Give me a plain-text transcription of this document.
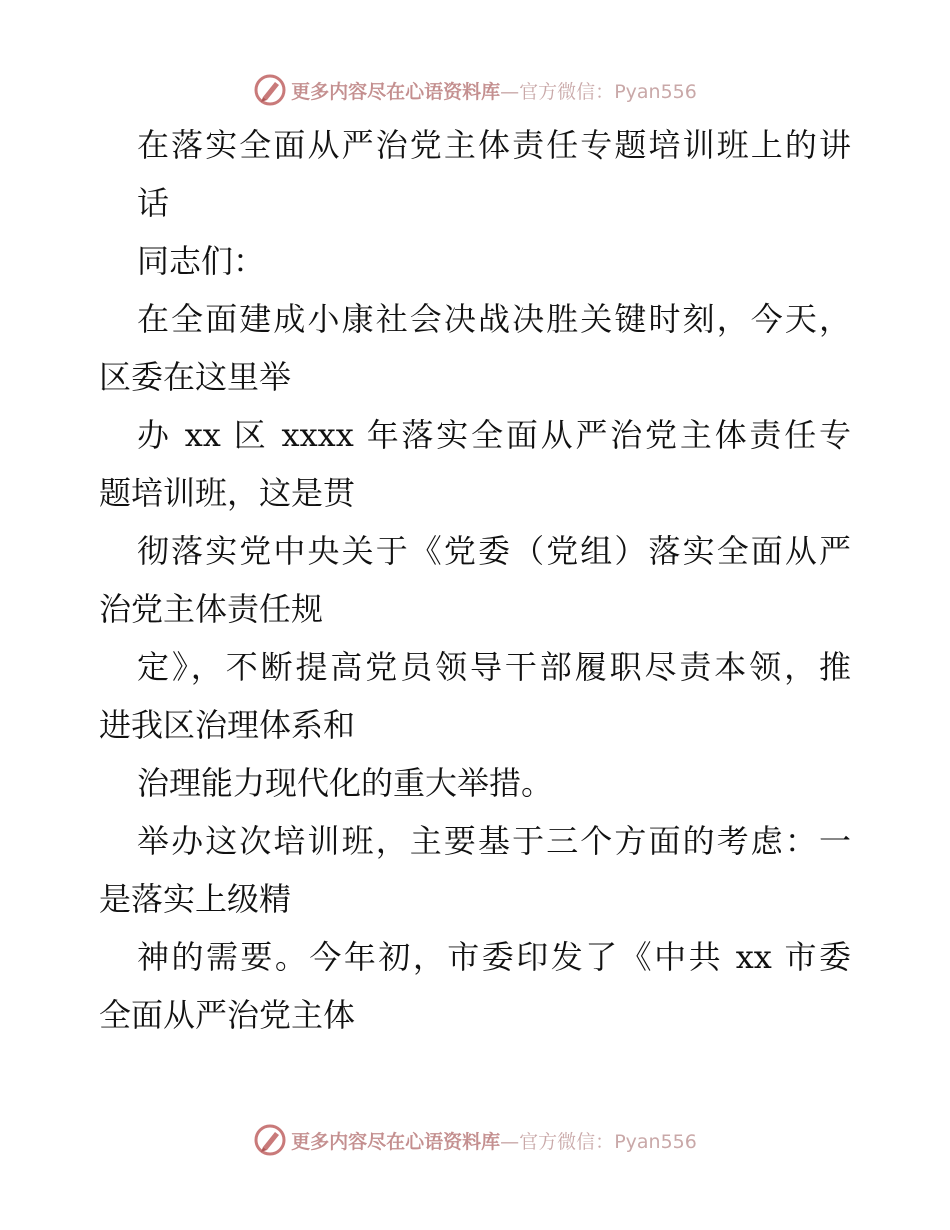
更多内容尽在心语资料库—官方微信：Pyan556
在落实全面从严治党主体责任专题培训班上的讲
话
同志们：
在全面建成小康社会决战决胜关键时刻，今天，
区委在这里举
办 xx 区 xxxx 年落实全面从严治党主体责任专
题培训班，这是贯
彻落实党中央关于《党委（党组）落实全面从严
治党主体责任规
定》，不断提高党员领导干部履职尽责本领，推
进我区治理体系和
治理能力现代化的重大举措。
举办这次培训班，主要基于三个方面的考虑：一
是落实上级精
神的需要。今年初，市委印发了《中共 xx 市委
全面从严治党主体
更多内容尽在心语资料库—官方微信：Pyan556
